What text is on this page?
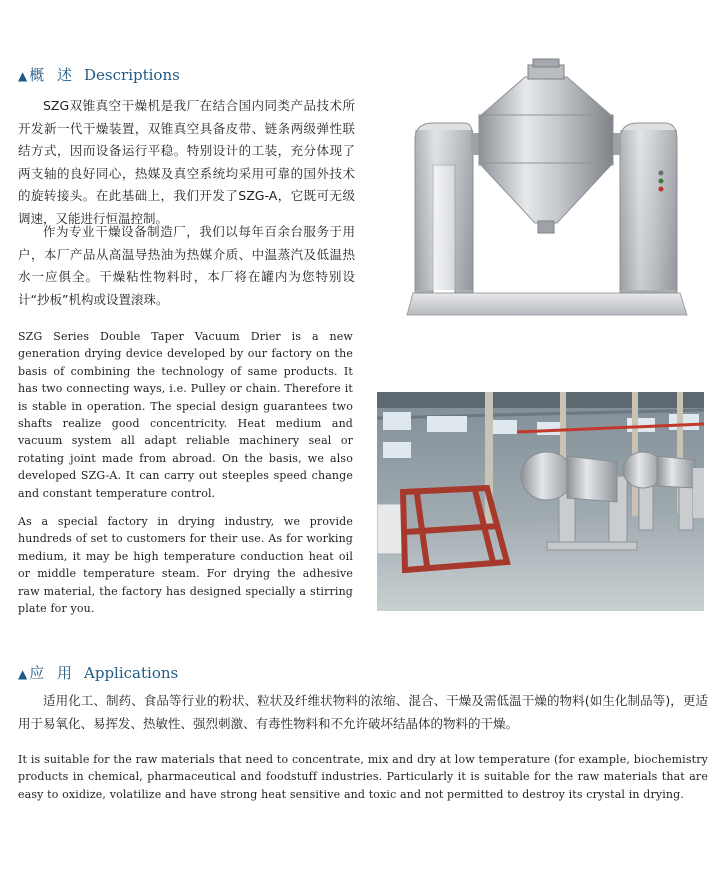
▲ 概 述 Descriptions

SZG双锥真空干燥机是我厂在结合国内同类产品技术所开发新一代干燥装置，双锥真空具备皮带、链条两级弹性联结方式，因而设备运行平稳。特别设计的工装，充分体现了两支轴的良好同心，热媒及真空系统均采用可靠的国外技术的旋转接头。在此基础上，我们开发了SZG-A，它既可无级调速，又能进行恒温控制。

作为专业干燥设备制造厂，我们以每年百余台服务于用户，本厂产品从高温导热油为热媒介质、中温蒸汽及低温热水一应俱全。干燥粘性物料时，本厂将在罐内为您特别设计“抄板”机构或设置滚珠。

SZG Series Double Taper Vacuum Drier is a new generation drying device developed by our factory on the basis of combining the technology of same products. It has two connecting ways, i.e. Pulley or chain. Therefore it is stable in operation. The special design guarantees two shafts realize good concentricity. Heat medium and vacuum system all adapt reliable machinery seal or rotating joint made from abroad. On the basis, we also developed SZG-A. It can carry out steeples speed change and constant temperature control.

As a special factory in drying industry, we provide hundreds of set to customers for their use. As for working medium, it may be high temperature conduction heat oil or middle temperature steam. For drying the adhesive raw material, the factory has designed specially a stirring plate for you.

▲ 应 用 Applications

适用化工、制药、食品等行业的粉状、粒状及纤维状物料的浓缩、混合、干燥及需低温干燥的物料(如生化制品等)，更适用于易氧化、易挥发、热敏性、强烈刺激、有毒性物料和不允许破坏结晶体的物料的干燥。

It is suitable for the raw materials that need to concentrate, mix and dry at low temperature (for example, biochemistry products in chemical, pharmaceutical and foodstuff industries. Particularly it is suitable for the raw materials that are easy to oxidize, volatilize and have strong heat sensitive and toxic and not permitted to destroy its crystal in drying.
